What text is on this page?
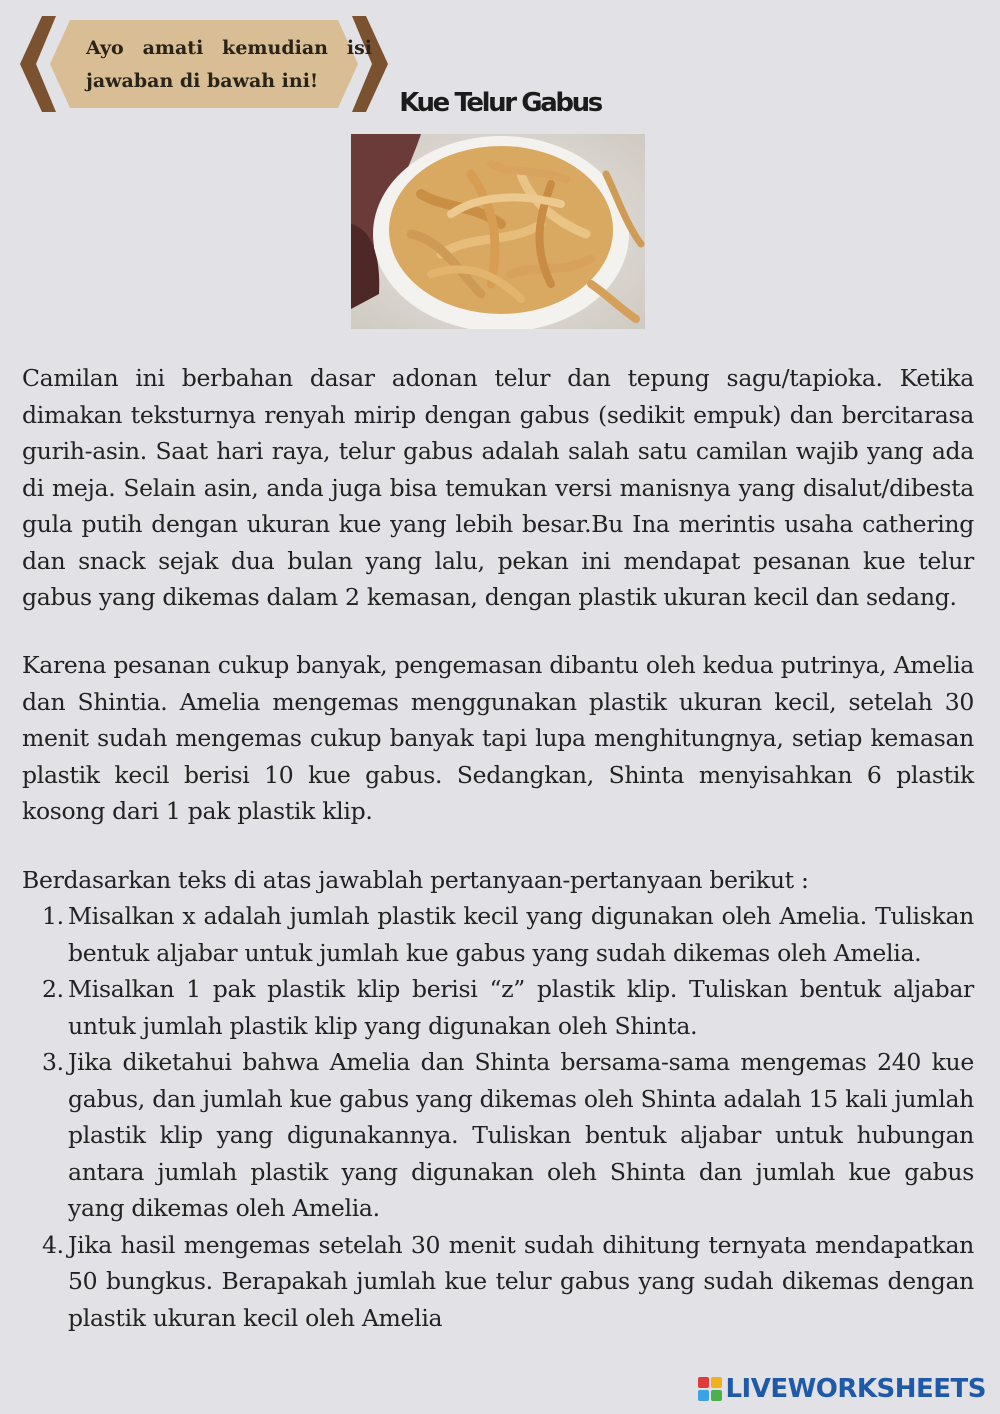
Ayo amati kemudian isi jawaban di bawah ini!
Kue Telur Gabus

Camilan ini berbahan dasar adonan telur dan tepung sagu/tapioka. Ketika dimakan teksturnya renyah mirip dengan gabus (sedikit empuk) dan bercitarasa gurih-asin. Saat hari raya, telur gabus adalah salah satu camilan wajib yang ada di meja. Selain asin, anda juga bisa temukan versi manisnya yang disalut/dibesta gula putih dengan ukuran kue yang lebih besar.Bu Ina merintis usaha cathering dan snack sejak dua bulan yang lalu, pekan ini mendapat pesanan kue telur gabus yang dikemas dalam 2 kemasan, dengan plastik ukuran kecil dan sedang.

Karena pesanan cukup banyak, pengemasan dibantu oleh kedua putrinya, Amelia dan Shintia. Amelia mengemas menggunakan plastik ukuran kecil, setelah 30 menit sudah mengemas cukup banyak tapi lupa menghitungnya, setiap kemasan plastik kecil berisi 10 kue gabus. Sedangkan, Shinta menyisahkan 6 plastik kosong dari 1 pak plastik klip.

Berdasarkan teks di atas jawablah pertanyaan-pertanyaan berikut :

1. Misalkan x adalah jumlah plastik kecil yang digunakan oleh Amelia. Tuliskan bentuk aljabar untuk jumlah kue gabus yang sudah dikemas oleh Amelia.
2. Misalkan 1 pak plastik klip berisi “z” plastik klip. Tuliskan bentuk aljabar untuk jumlah plastik klip yang digunakan oleh Shinta.
3. Jika diketahui bahwa Amelia dan Shinta bersama-sama mengemas 240 kue gabus, dan jumlah kue gabus yang dikemas oleh Shinta adalah 15 kali jumlah plastik klip yang digunakannya. Tuliskan bentuk aljabar untuk hubungan antara jumlah plastik yang digunakan oleh Shinta dan jumlah kue gabus yang dikemas oleh Amelia.
4. Jika hasil mengemas setelah 30 menit sudah dihitung ternyata mendapatkan 50 bungkus. Berapakah jumlah kue telur gabus yang sudah dikemas dengan plastik ukuran kecil oleh Amelia
LIVEWORKSHEETS
